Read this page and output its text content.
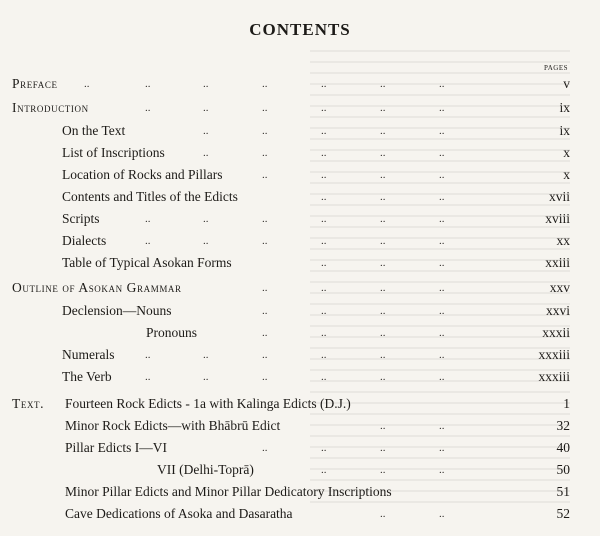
CONTENTS
PAGES
Preface ..	..	..	..	..	..	..	v
Introduction	..	..	..	..	..	..	ix
On the Text	..	..	..	..	..	ix
List of Inscriptions	..	..	..	..	..	x
Location of Rocks and Pillars	..	..	..	..	x
Contents and Titles of the Edicts	..	..	..	xvii
Scripts	..	..	..	..	..	..	xviii
Dialects	..	..	..	..	..	..	xx
Table of Typical Asokan Forms	..	..	..	xxiii
Outline of Asokan Grammar	..	..	..	..	xxv
Declension—Nouns	..	..	..	..	xxvi
Pronouns	..	..	..	..	xxxii
Numerals	..	..	..	..	..	..	xxxiii
The Verb	..	..	..	..	..	..	xxxiii
Text. Fourteen Rock Edicts - 1a with Kalinga Edicts (D.J.)	1
Minor Rock Edicts—with Bhābrū Edict	..	..	32
Pillar Edicts I—VI	..	..	..	..	40
VII (Delhi-Toprā)	..	..	..	50
Minor Pillar Edicts and Minor Pillar Dedicatory Inscriptions	51
Cave Dedications of Asoka and Dasaratha	..	..	52
